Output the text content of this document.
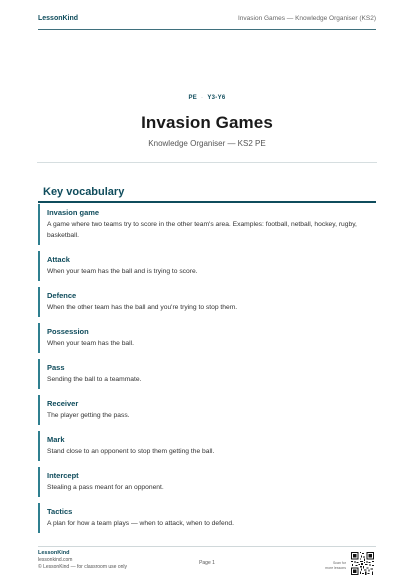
LessonKind	Invasion Games — Knowledge Organiser (KS2)
PE · Y3-Y6
Invasion Games
Knowledge Organiser — KS2 PE
Key vocabulary
Invasion game
A game where two teams try to score in the other team's area. Examples: football, netball, hockey, rugby, basketball.
Attack
When your team has the ball and is trying to score.
Defence
When the other team has the ball and you're trying to stop them.
Possession
When your team has the ball.
Pass
Sending the ball to a teammate.
Receiver
The player getting the pass.
Mark
Stand close to an opponent to stop them getting the ball.
Intercept
Stealing a pass meant for an opponent.
Tactics
A plan for how a team plays — when to attack, when to defend.
LessonKind
lessonkind.com
© LessonKind — for classroom use only
Page 1	Scan for
more lessons
